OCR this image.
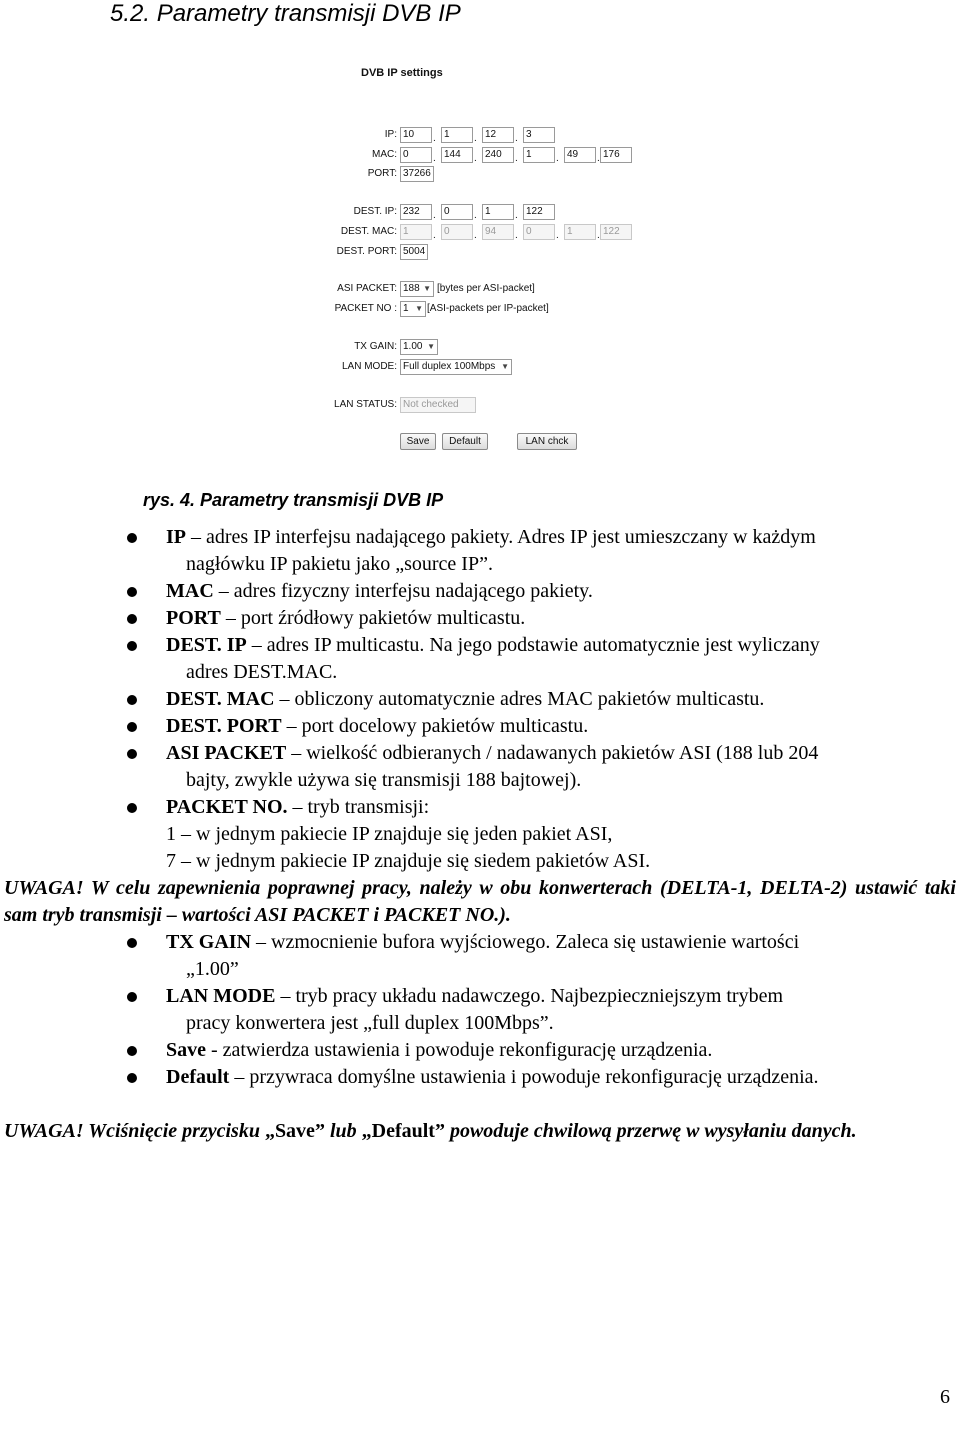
5.2. Parametry transmisji DVB IP
DVB IP settings
IP: 10	. 1	. 12	. 3
MAC: 0	. 144	. 240	. 1	. 49	. 176
PORT: 37266
DEST. IP: 232	. 0	. 1	. 122
DEST. MAC: 1	. 0	. 94	. 0	. 1	. 122
DEST. PORT: 5004
ASI PACKET: 188 ▼ [bytes per ASI-packet]
PACKET NO : 1 ▼ [ASI-packets per IP-packet]
TX GAIN: 1.00 ▼
LAN MODE: Full duplex 100Mbps ▼
LAN STATUS: Not checked
Save	Default	LAN chck
rys. 4. Parametry transmisji DVB IP
IP – adres IP interfejsu nadającego pakiety. Adres IP jest umieszczany w każdym
nagłówku IP pakietu jako „source IP”.
MAC – adres fizyczny interfejsu nadającego pakiety.
PORT – port źródłowy pakietów multicastu.
DEST. IP – adres IP multicastu. Na jego podstawie automatycznie jest wyliczany
adres DEST.MAC.
DEST. MAC – obliczony automatycznie adres MAC pakietów multicastu.
DEST. PORT – port docelowy pakietów multicastu.
ASI PACKET – wielkość odbieranych / nadawanych pakietów ASI (188 lub 204
bajty, zwykle używa się transmisji 188 bajtowej).
PACKET NO. – tryb transmisji:
1 – w jednym pakiecie IP znajduje się jeden pakiet ASI,
7 – w jednym pakiecie IP znajduje się siedem pakietów ASI.
UWAGA! W celu zapewnienia poprawnej pracy, należy w obu konwerterach (DELTA-1, DELTA-2) ustawić taki sam tryb transmisji – wartości ASI PACKET i PACKET NO.).
TX GAIN – wzmocnienie bufora wyjściowego. Zaleca się ustawienie wartości
„1.00”
LAN MODE – tryb pracy układu nadawczego. Najbezpieczniejszym trybem
pracy konwertera jest „full duplex 100Mbps”.
Save - zatwierdza ustawienia i powoduje rekonfigurację urządzenia.
Default – przywraca domyślne ustawienia i powoduje rekonfigurację urządzenia.
UWAGA! Wciśnięcie przycisku „Save” lub „Default” powoduje chwilową przerwę w wysyłaniu danych.
6
